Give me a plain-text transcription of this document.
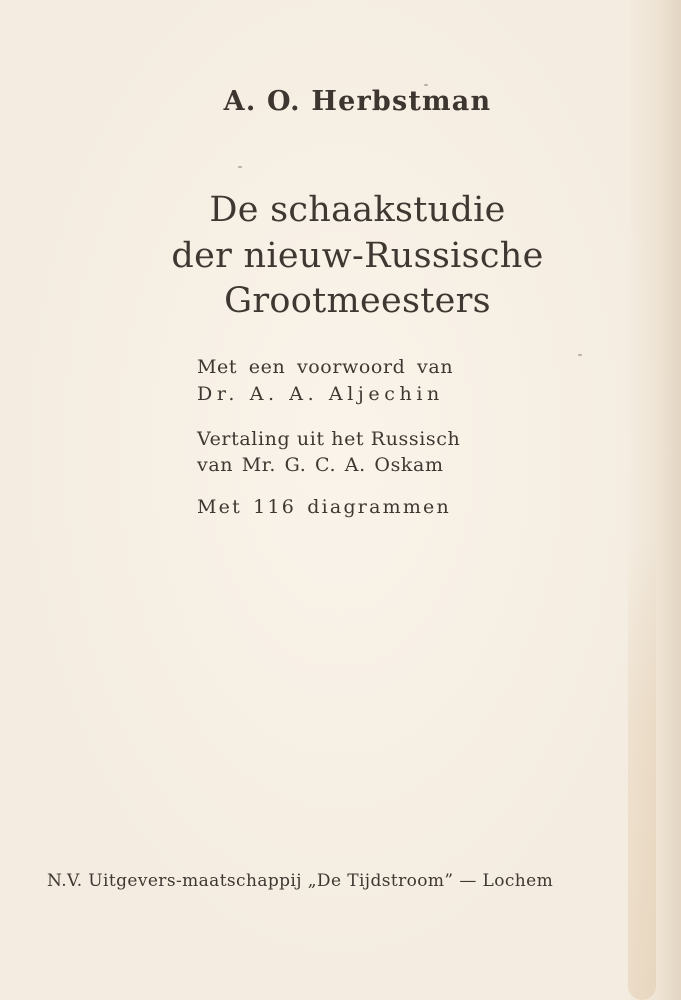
A. O. Herbstman
De schaakstudie
der nieuw-Russische
Grootmeesters
Met een voorwoord van
Dr. A. A. Aljechin
Vertaling uit het Russisch
van Mr. G. C. A. Oskam
Met 116 diagrammen
N.V. Uitgevers-maatschappij „De Tijdstroom” — Lochem
